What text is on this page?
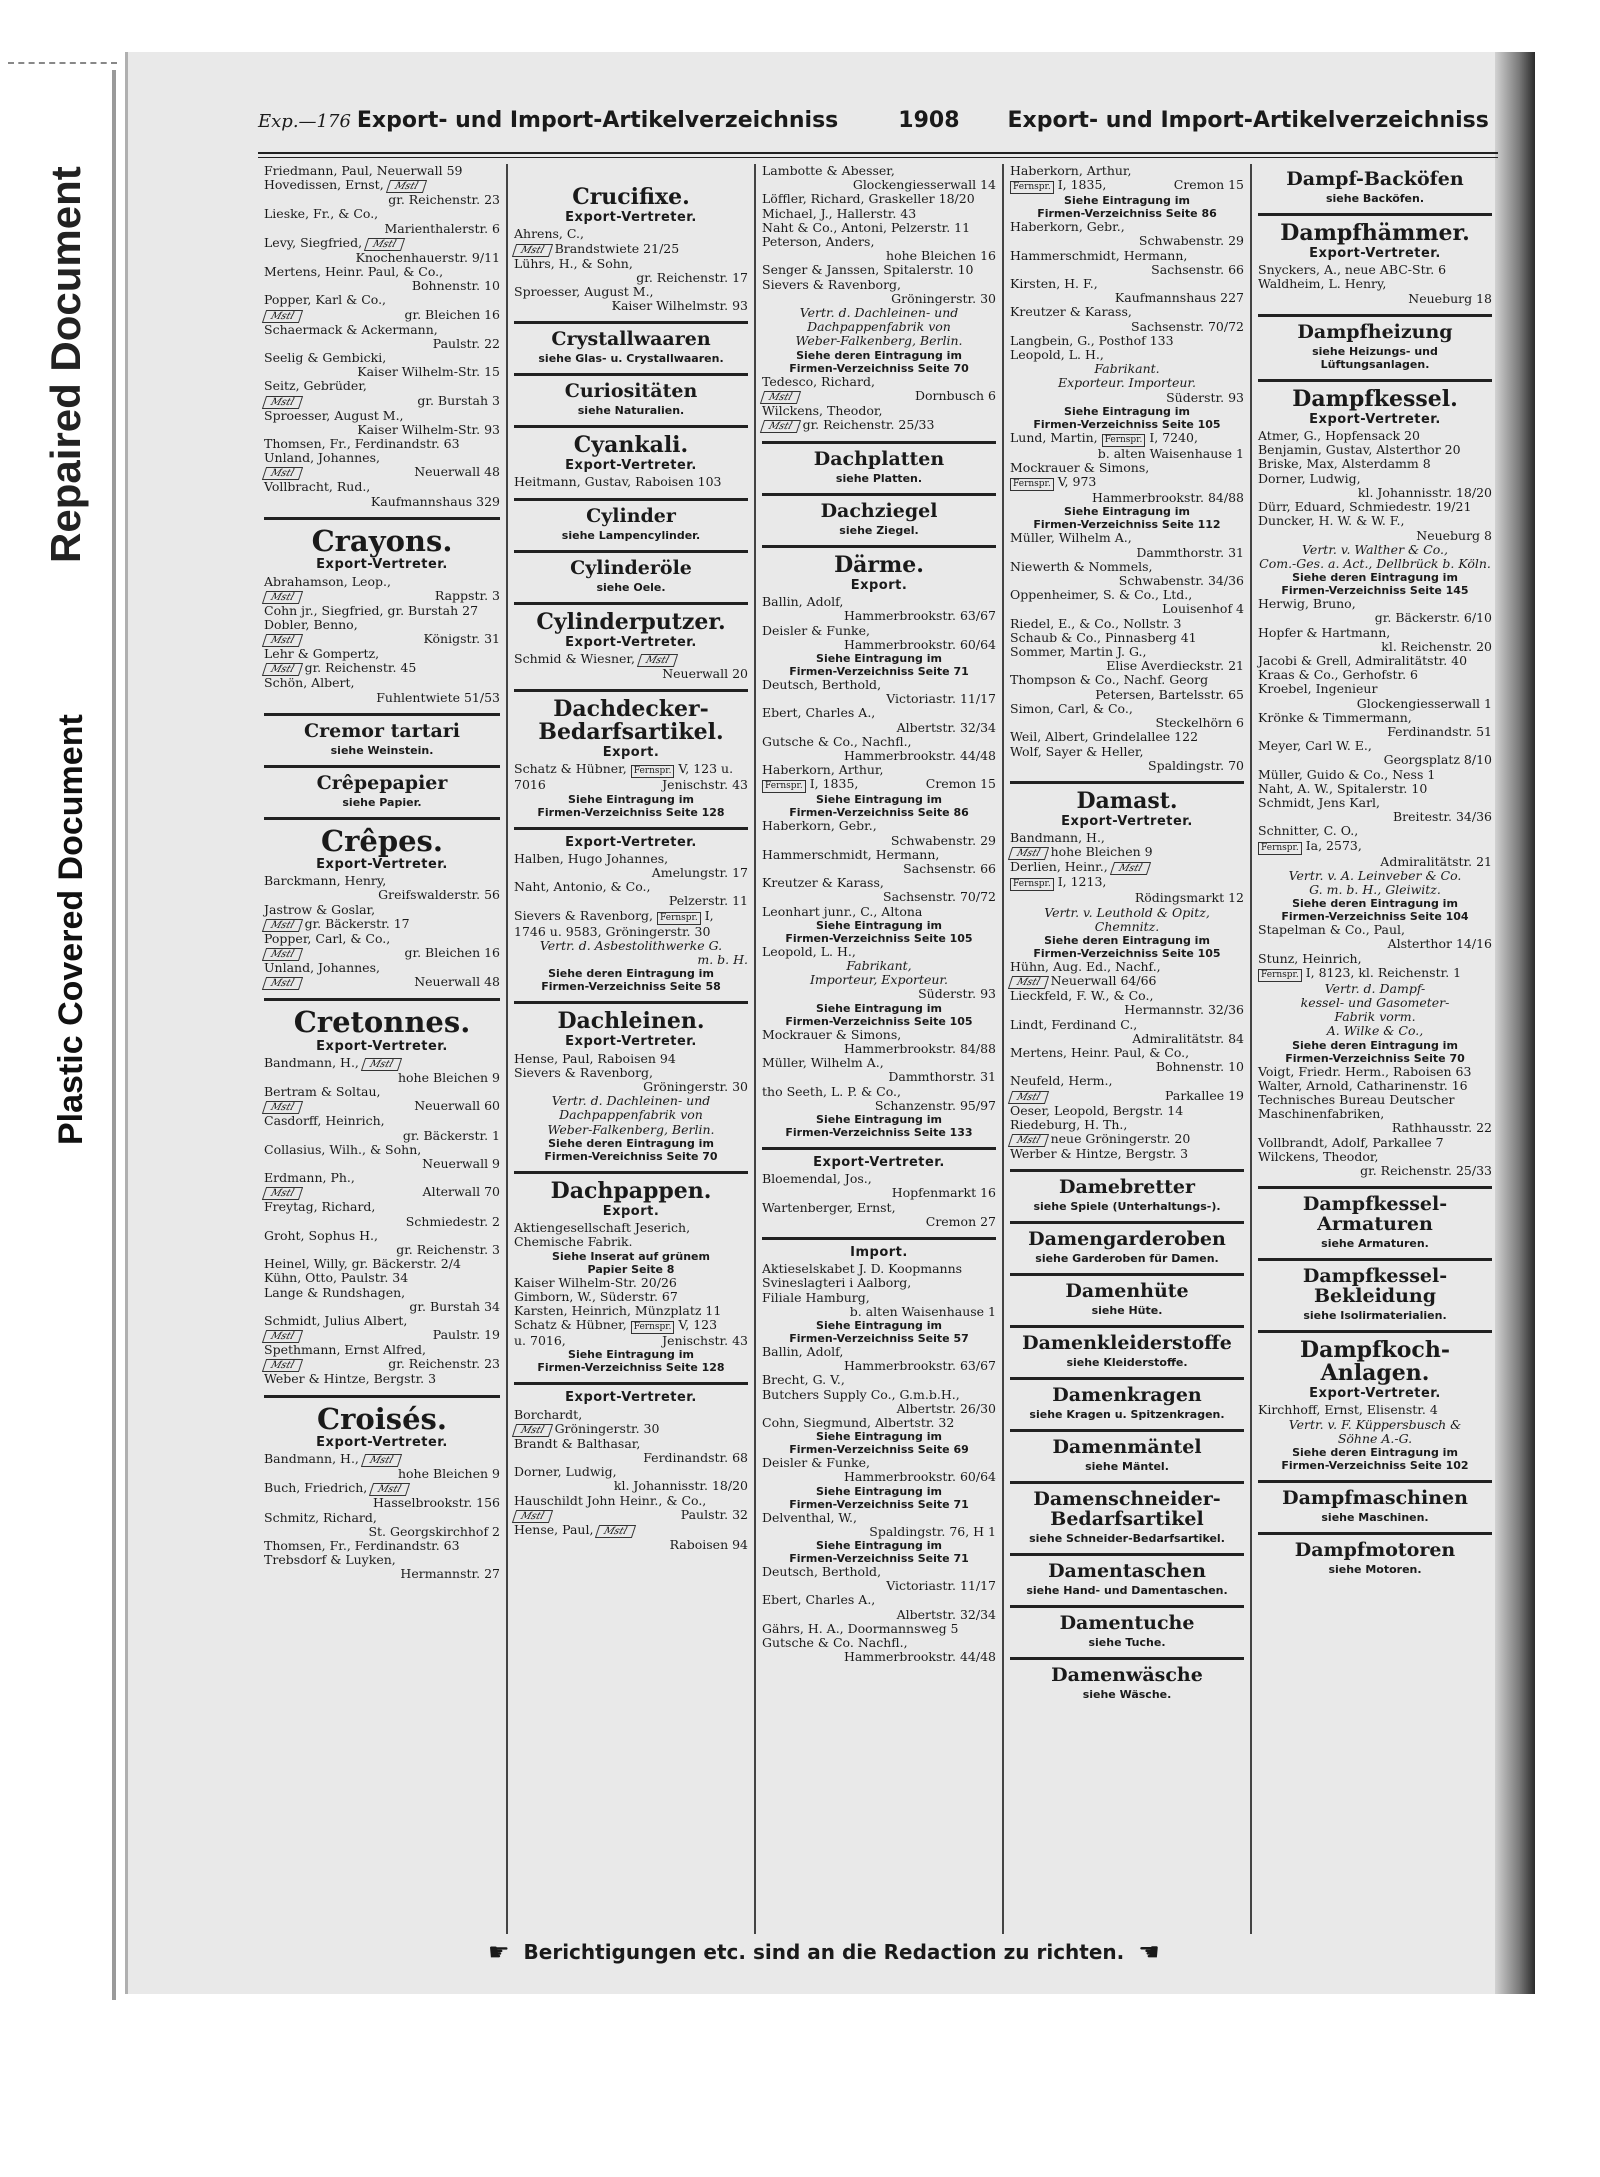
Repaired Document
Plastic Covered Document
Exp.—176 Export- und Import-Artikelverzeichniss	1908 Export- und Import-Artikelverzeichniss
Friedmann, Paul, Neuerwall 59
Hovedissen, Ernst, Mstl
gr. Reichenstr. 23
Lieske, Fr., & Co.,
Marienthalerstr. 6
Levy, Siegfried, Mstl
Knochenhauerstr. 9/11
Mertens, Heinr. Paul, & Co.,
Bohnenstr. 10
Popper, Karl & Co.,
Mstl	gr. Bleichen 16
Schaermack & Ackermann,
Paulstr. 22
Seelig & Gembicki,
Kaiser Wilhelm-Str. 15
Seitz, Gebrüder,
Mstl	gr. Burstah 3
Sproesser, August M.,
Kaiser Wilhelm-Str. 93
Thomsen, Fr., Ferdinandstr. 63
Unland, Johannes,
Mstl	Neuerwall 48
Vollbracht, Rud.,
Kaufmannshaus 329
Crayons.
Export-Vertreter.
Abrahamson, Leop.,
Mstl	Rappstr. 3
Cohn jr., Siegfried, gr. Burstah 27
Dobler, Benno,
Mstl	Königstr. 31
Lehr & Gompertz,
Mstl gr. Reichenstr. 45
Schön, Albert,
Fuhlentwiete 51/53
Cremor tartari
siehe Weinstein.
Crêpepapier
siehe Papier.
Crêpes.
Export-Vertreter.
Barckmann, Henry,
Greifswalderstr. 56
Jastrow & Goslar,
Mstl gr. Bäckerstr. 17
Popper, Carl, & Co.,
Mstl	gr. Bleichen 16
Unland, Johannes,
Mstl	Neuerwall 48
Cretonnes.
Export-Vertreter.
Bandmann, H., Mstl
hohe Bleichen 9
Bertram & Soltau,
Mstl	Neuerwall 60
Casdorff, Heinrich,
gr. Bäckerstr. 1
Collasius, Wilh., & Sohn,
Neuerwall 9
Erdmann, Ph.,
Mstl	Alterwall 70
Freytag, Richard,
Schmiedestr. 2
Groht, Sophus H.,
gr. Reichenstr. 3
Heinel, Willy, gr. Bäckerstr. 2/4
Kühn, Otto, Paulstr. 34
Lange & Rundshagen,
gr. Burstah 34
Schmidt, Julius Albert,
Mstl	Paulstr. 19
Spethmann, Ernst Alfred,
Mstl	gr. Reichenstr. 23
Weber & Hintze, Bergstr. 3
Croisés.
Export-Vertreter.
Bandmann, H., Mstl
hohe Bleichen 9
Buch, Friedrich, Mstl
Hasselbrookstr. 156
Schmitz, Richard,
St. Georgskirchhof 2
Thomsen, Fr., Ferdinandstr. 63
Trebsdorf & Luyken,
Hermannstr. 27
Crucifixe.
Export-Vertreter.
Ahrens, C.,
Mstl Brandstwiete 21/25
Lührs, H., & Sohn,
gr. Reichenstr. 17
Sproesser, August M.,
Kaiser Wilhelmstr. 93
Crystallwaaren
siehe Glas- u. Crystallwaaren.
Curiositäten
siehe Naturalien.
Cyankali.
Export-Vertreter.
Heitmann, Gustav, Raboisen 103
Cylinder
siehe Lampencylinder.
Cylinderöle
siehe Oele.
Cylinderputzer.
Export-Vertreter.
Schmid & Wiesner, Mstl
Neuerwall 20
Dachdecker-
Bedarfsartikel.
Export.
Schatz & Hübner, Fernspr. V, 123 u.
7016	Jenischstr. 43
Siehe Eintragung im
Firmen-Verzeichniss Seite 128
Export-Vertreter.
Halben, Hugo Johannes,
Amelungstr. 17
Naht, Antonio, & Co.,
Pelzerstr. 11
Sievers & Ravenborg, Fernspr. I,
1746 u. 9583, Gröningerstr. 30
Vertr. d. Asbestolithwerke G.
m. b. H.
Siehe deren Eintragung im
Firmen-Verzeichniss Seite 58
Dachleinen.
Export-Vertreter.
Hense, Paul, Raboisen 94
Sievers & Ravenborg,
Gröningerstr. 30
Vertr. d. Dachleinen- und
Dachpappenfabrik von
Weber-Falkenberg, Berlin.
Siehe deren Eintragung im
Firmen-Vereichniss Seite 70
Dachpappen.
Export.
Aktiengesellschaft Jeserich,
Chemische Fabrik.
Siehe Inserat auf grünem
Papier Seite 8
Kaiser Wilhelm-Str. 20/26
Gimborn, W., Süderstr. 67
Karsten, Heinrich, Münzplatz 11
Schatz & Hübner, Fernspr. V, 123
u. 7016,	Jenischstr. 43
Siehe Eintragung im
Firmen-Verzeichniss Seite 128
Export-Vertreter.
Borchardt,
Mstl Gröningerstr. 30
Brandt & Balthasar,
Ferdinandstr. 68
Dorner, Ludwig,
kl. Johannisstr. 18/20
Hauschildt John Heinr., & Co.,
Mstl	Paulstr. 32
Hense, Paul, Mstl
Raboisen 94
Lambotte & Abesser,
Glockengiesserwall 14
Löffler, Richard, Graskeller 18/20
Michael, J., Hallerstr. 43
Naht & Co., Antoni, Pelzerstr. 11
Peterson, Anders,
hohe Bleichen 16
Senger & Janssen, Spitalerstr. 10
Sievers & Ravenborg,
Gröningerstr. 30
Vertr. d. Dachleinen- und
Dachpappenfabrik von
Weber-Falkenberg, Berlin.
Siehe deren Eintragung im
Firmen-Verzeichniss Seite 70
Tedesco, Richard,
Mstl	Dornbusch 6
Wilckens, Theodor,
Mstl gr. Reichenstr. 25/33
Dachplatten
siehe Platten.
Dachziegel
siehe Ziegel.
Därme.
Export.
Ballin, Adolf,
Hammerbrookstr. 63/67
Deisler & Funke,
Hammerbrookstr. 60/64
Siehe Eintragung im
Firmen-Verzeichniss Seite 71
Deutsch, Berthold,
Victoriastr. 11/17
Ebert, Charles A.,
Albertstr. 32/34
Gutsche & Co., Nachfl.,
Hammerbrookstr. 44/48
Haberkorn, Arthur,
Fernspr. I, 1835,	Cremon 15
Siehe Eintragung im
Firmen-Verzeichniss Seite 86
Haberkorn, Gebr.,
Schwabenstr. 29
Hammerschmidt, Hermann,
Sachsenstr. 66
Kreutzer & Karass,
Sachsenstr. 70/72
Leonhart junr., C., Altona
Siehe Eintragung im
Firmen-Verzeichniss Seite 105
Leopold, L. H.,
Fabrikant,
Importeur, Exporteur.
Süderstr. 93
Siehe Eintragung im
Firmen-Verzeichniss Seite 105
Mockrauer & Simons,
Hammerbrookstr. 84/88
Müller, Wilhelm A.,
Dammthorstr. 31
tho Seeth, L. P. & Co.,
Schanzenstr. 95/97
Siehe Eintragung im
Firmen-Verzeichniss Seite 133
Export-Vertreter.
Bloemendal, Jos.,
Hopfenmarkt 16
Wartenberger, Ernst,
Cremon 27
Import.
Aktieselskabet J. D. Koopmanns
Svineslagteri i Aalborg,
Filiale Hamburg,
b. alten Waisenhause 1
Siehe Eintragung im
Firmen-Verzeichniss Seite 57
Ballin, Adolf,
Hammerbrookstr. 63/67
Brecht, G. V.,
Butchers Supply Co., G.m.b.H.,
Albertstr. 26/30
Cohn, Siegmund, Albertstr. 32
Siehe Eintragung im
Firmen-Verzeichniss Seite 69
Deisler & Funke,
Hammerbrookstr. 60/64
Siehe Eintragung im
Firmen-Verzeichniss Seite 71
Delventhal, W.,
Spaldingstr. 76, H 1
Siehe Eintragung im
Firmen-Verzeichniss Seite 71
Deutsch, Berthold,
Victoriastr. 11/17
Ebert, Charles A.,
Albertstr. 32/34
Gährs, H. A., Doormannsweg 5
Gutsche & Co. Nachfl.,
Hammerbrookstr. 44/48
Haberkorn, Arthur,
Fernspr. I, 1835,	Cremon 15
Siehe Eintragung im
Firmen-Verzeichniss Seite 86
Haberkorn, Gebr.,
Schwabenstr. 29
Hammerschmidt, Hermann,
Sachsenstr. 66
Kirsten, H. F.,
Kaufmannshaus 227
Kreutzer & Karass,
Sachsenstr. 70/72
Langbein, G., Posthof 133
Leopold, L. H.,
Fabrikant.
Exporteur. Importeur.
Süderstr. 93
Siehe Eintragung im
Firmen-Verzeichniss Seite 105
Lund, Martin, Fernspr. I, 7240,
b. alten Waisenhause 1
Mockrauer & Simons,
Fernspr. V, 973
Hammerbrookstr. 84/88
Siehe Eintragung im
Firmen-Verzeichniss Seite 112
Müller, Wilhelm A.,
Dammthorstr. 31
Niewerth & Nommels,
Schwabenstr. 34/36
Oppenheimer, S. & Co., Ltd.,
Louisenhof 4
Riedel, E., & Co., Nollstr. 3
Schaub & Co., Pinnasberg 41
Sommer, Martin J. G.,
Elise Averdieckstr. 21
Thompson & Co., Nachf. Georg
Petersen, Bartelsstr. 65
Simon, Carl, & Co.,
Steckelhörn 6
Weil, Albert, Grindelallee 122
Wolf, Sayer & Heller,
Spaldingstr. 70
Damast.
Export-Vertreter.
Bandmann, H.,
Mstl hohe Bleichen 9
Derlien, Heinr., Mstl
Fernspr. I, 1213,
Rödingsmarkt 12
Vertr. v. Leuthold & Opitz,
Chemnitz.
Siehe deren Eintragung im
Firmen-Verzeichniss Seite 105
Hühn, Aug. Ed., Nachf.,
Mstl Neuerwall 64/66
Lieckfeld, F. W., & Co.,
Hermannstr. 32/36
Lindt, Ferdinand C.,
Admiralitätstr. 84
Mertens, Heinr. Paul, & Co.,
Bohnenstr. 10
Neufeld, Herm.,
Mstl	Parkallee 19
Oeser, Leopold, Bergstr. 14
Riedeburg, H. Th.,
Mstl neue Gröningerstr. 20
Werber & Hintze, Bergstr. 3
Damebretter
siehe Spiele (Unterhaltungs-).
Damengarderoben
siehe Garderoben für Damen.
Damenhüte
siehe Hüte.
Damenkleiderstoffe
siehe Kleiderstoffe.
Damenkragen
siehe Kragen u. Spitzenkragen.
Damenmäntel
siehe Mäntel.
Damenschneider-
Bedarfsartikel
siehe Schneider-Bedarfsartikel.
Damentaschen
siehe Hand- und Damentaschen.
Damentuche
siehe Tuche.
Damenwäsche
siehe Wäsche.
Dampf-Backöfen
siehe Backöfen.
Dampfhämmer.
Export-Vertreter.
Snyckers, A., neue ABC-Str. 6
Waldheim, L. Henry,
Neueburg 18
Dampfheizung
siehe Heizungs- und
Lüftungsanlagen.
Dampfkessel.
Export-Vertreter.
Atmer, G., Hopfensack 20
Benjamin, Gustav, Alsterthor 20
Briske, Max, Alsterdamm 8
Dorner, Ludwig,
kl. Johannisstr. 18/20
Dürr, Eduard, Schmiedestr. 19/21
Duncker, H. W. & W. F.,
Neueburg 8
Vertr. v. Walther & Co.,
Com.-Ges. a. Act., Dellbrück b. Köln.
Siehe deren Eintragung im
Firmen-Verzeichniss Seite 145
Herwig, Bruno,
gr. Bäckerstr. 6/10
Hopfer & Hartmann,
kl. Reichenstr. 20
Jacobi & Grell, Admiralitätstr. 40
Kraas & Co., Gerhofstr. 6
Kroebel, Ingenieur
Glockengiesserwall 1
Krönke & Timmermann,
Ferdinandstr. 51
Meyer, Carl W. E.,
Georgsplatz 8/10
Müller, Guido & Co., Ness 1
Naht, A. W., Spitalerstr. 10
Schmidt, Jens Karl,
Breitestr. 34/36
Schnitter, C. O.,
Fernspr. Ia, 2573,
Admiralitätstr. 21
Vertr. v. A. Leinveber & Co.
G. m. b. H., Gleiwitz.
Siehe deren Eintragung im
Firmen-Verzeichniss Seite 104
Stapelman & Co., Paul,
Alsterthor 14/16
Stunz, Heinrich,
Fernspr. I, 8123, kl. Reichenstr. 1
Vertr. d. Dampf-
kessel- und Gasometer-
Fabrik vorm.
A. Wilke & Co.,
Siehe deren Eintragung im
Firmen-Verzeichniss Seite 70
Voigt, Friedr. Herm., Raboisen 63
Walter, Arnold, Catharinenstr. 16
Technisches Bureau Deutscher
Maschinenfabriken,
Rathhausstr. 22
Vollbrandt, Adolf, Parkallee 7
Wilckens, Theodor,
gr. Reichenstr. 25/33
Dampfkessel-
Armaturen
siehe Armaturen.
Dampfkessel-
Bekleidung
siehe Isolirmaterialien.
Dampfkoch-
Anlagen.
Export-Vertreter.
Kirchhoff, Ernst, Elisenstr. 4
Vertr. v. F. Küppersbusch &
Söhne A.-G.
Siehe deren Eintragung im
Firmen-Verzeichniss Seite 102
Dampfmaschinen
siehe Maschinen.
Dampfmotoren
siehe Motoren.
☛ Berichtigungen etc. sind an die Redaction zu richten. ☚
